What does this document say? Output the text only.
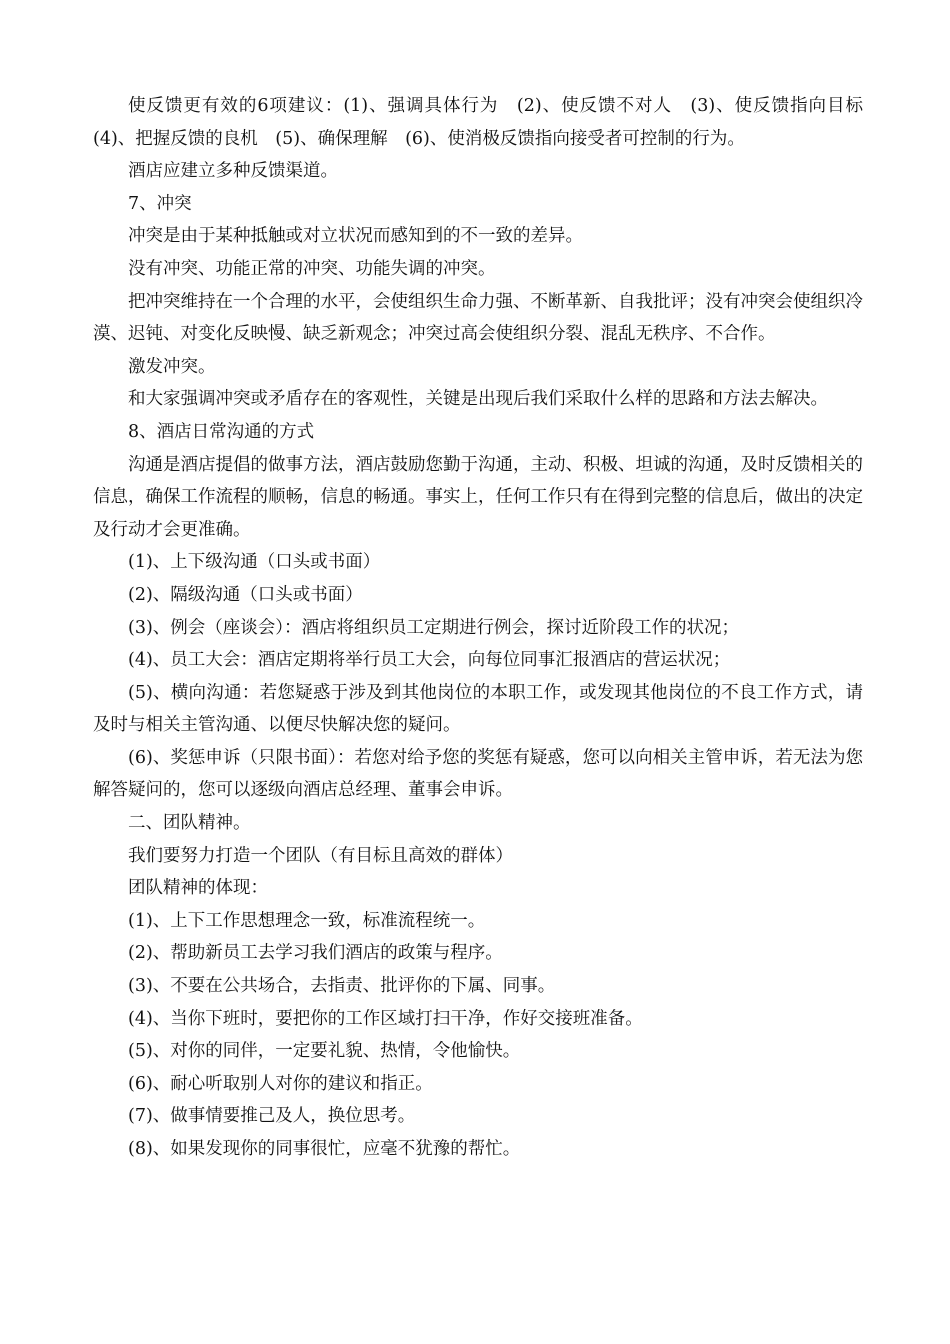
使反馈更有效的6项建议：(1)、强调具体行为　(2)、使反馈不对人　(3)、使反馈指向目标　(4)、把握反馈的良机　(5)、确保理解　(6)、使消极反馈指向接受者可控制的行为。

酒店应建立多种反馈渠道。

7、冲突

冲突是由于某种抵触或对立状况而感知到的不一致的差异。

没有冲突、功能正常的冲突、功能失调的冲突。

把冲突维持在一个合理的水平，会使组织生命力强、不断革新、自我批评；没有冲突会使组织冷漠、迟钝、对变化反映慢、缺乏新观念；冲突过高会使组织分裂、混乱无秩序、不合作。

激发冲突。

和大家强调冲突或矛盾存在的客观性，关键是出现后我们采取什么样的思路和方法去解决。

8、酒店日常沟通的方式

沟通是酒店提倡的做事方法，酒店鼓励您勤于沟通，主动、积极、坦诚的沟通，及时反馈相关的信息，确保工作流程的顺畅，信息的畅通。事实上，任何工作只有在得到完整的信息后，做出的决定及行动才会更准确。

(1)、上下级沟通（口头或书面）

(2)、隔级沟通（口头或书面）

(3)、例会（座谈会）：酒店将组织员工定期进行例会，探讨近阶段工作的状况；

(4)、员工大会：酒店定期将举行员工大会，向每位同事汇报酒店的营运状况；

(5)、横向沟通：若您疑惑于涉及到其他岗位的本职工作，或发现其他岗位的不良工作方式，请及时与相关主管沟通、以便尽快解决您的疑问。

(6)、奖惩申诉（只限书面）：若您对给予您的奖惩有疑惑，您可以向相关主管申诉，若无法为您解答疑问的，您可以逐级向酒店总经理、董事会申诉。

二、团队精神。

我们要努力打造一个团队（有目标且高效的群体）

团队精神的体现：

(1)、上下工作思想理念一致，标准流程统一。

(2)、帮助新员工去学习我们酒店的政策与程序。

(3)、不要在公共场合，去指责、批评你的下属、同事。

(4)、当你下班时，要把你的工作区域打扫干净，作好交接班准备。

(5)、对你的同伴，一定要礼貌、热情，令他愉快。

(6)、耐心听取别人对你的建议和指正。

(7)、做事情要推己及人，换位思考。

(8)、如果发现你的同事很忙，应毫不犹豫的帮忙。
